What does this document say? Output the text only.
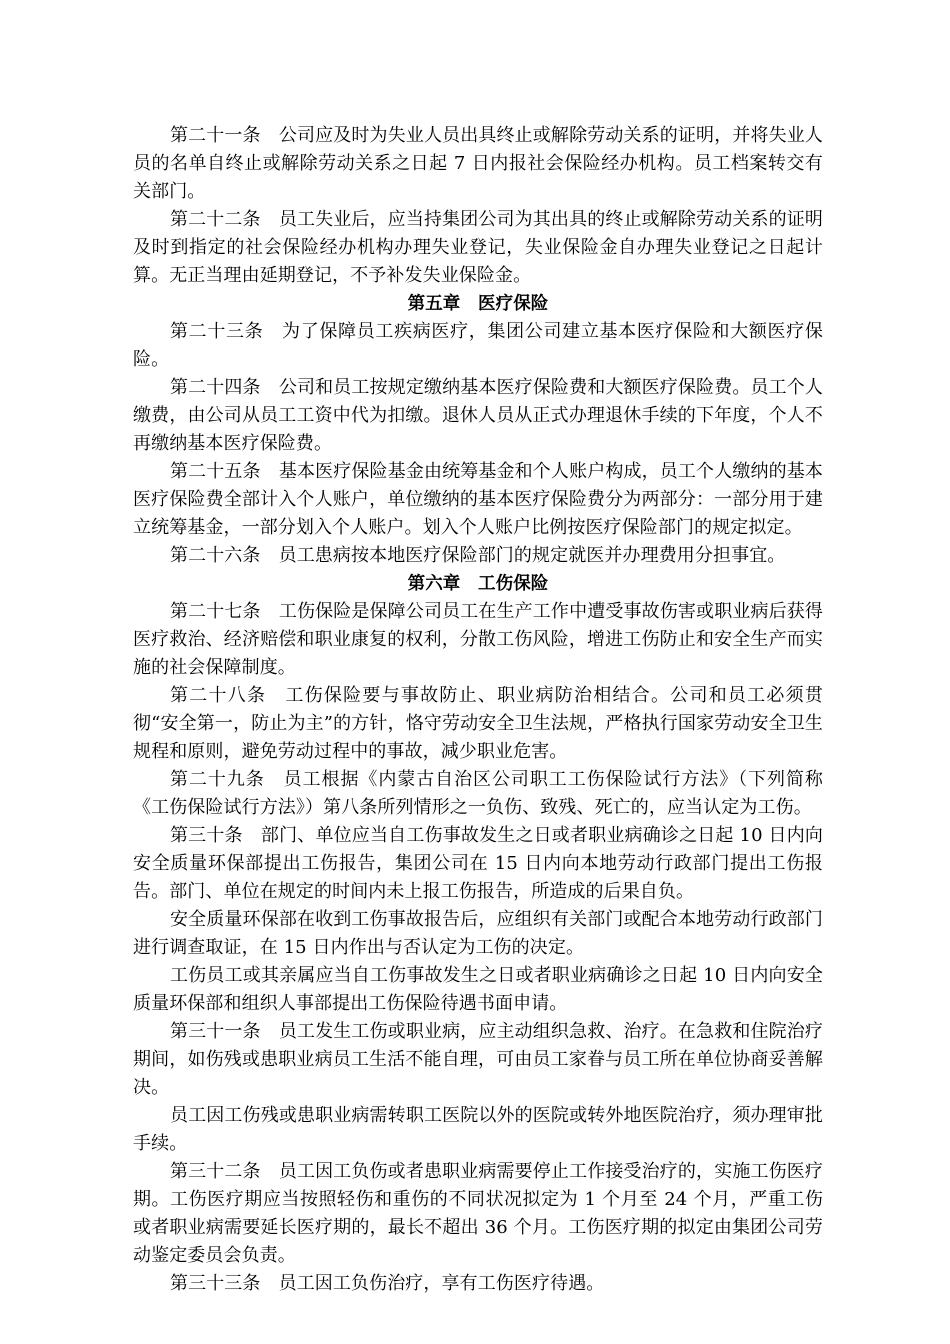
第二十一条　公司应及时为失业人员出具终止或解除劳动关系的证明，并将失业人员的名单自终止或解除劳动关系之日起 7 日内报社会保险经办机构。员工档案转交有关部门。

第二十二条　员工失业后，应当持集团公司为其出具的终止或解除劳动关系的证明及时到指定的社会保险经办机构办理失业登记，失业保险金自办理失业登记之日起计算。无正当理由延期登记，不予补发失业保险金。

第五章　医疗保险

第二十三条　为了保障员工疾病医疗，集团公司建立基本医疗保险和大额医疗保险。

第二十四条　公司和员工按规定缴纳基本医疗保险费和大额医疗保险费。员工个人缴费，由公司从员工工资中代为扣缴。退休人员从正式办理退休手续的下年度，个人不再缴纳基本医疗保险费。

第二十五条　基本医疗保险基金由统筹基金和个人账户构成，员工个人缴纳的基本医疗保险费全部计入个人账户，单位缴纳的基本医疗保险费分为两部分：一部分用于建立统筹基金，一部分划入个人账户。划入个人账户比例按医疗保险部门的规定拟定。

第二十六条　员工患病按本地医疗保险部门的规定就医并办理费用分担事宜。

第六章　工伤保险

第二十七条　工伤保险是保障公司员工在生产工作中遭受事故伤害或职业病后获得医疗救治、经济赔偿和职业康复的权利，分散工伤风险，增进工伤防止和安全生产而实施的社会保障制度。

第二十八条　工伤保险要与事故防止、职业病防治相结合。公司和员工必须贯彻“安全第一，防止为主”的方针，恪守劳动安全卫生法规，严格执行国家劳动安全卫生规程和原则，避免劳动过程中的事故，减少职业危害。

第二十九条　员工根据《内蒙古自治区公司职工工伤保险试行方法》（下列简称《工伤保险试行方法》）第八条所列情形之一负伤、致残、死亡的，应当认定为工伤。

第三十条　部门、单位应当自工伤事故发生之日或者职业病确诊之日起 10 日内向安全质量环保部提出工伤报告，集团公司在 15 日内向本地劳动行政部门提出工伤报告。部门、单位在规定的时间内未上报工伤报告，所造成的后果自负。

安全质量环保部在收到工伤事故报告后，应组织有关部门或配合本地劳动行政部门进行调查取证，在 15 日内作出与否认定为工伤的决定。

工伤员工或其亲属应当自工伤事故发生之日或者职业病确诊之日起 10 日内向安全质量环保部和组织人事部提出工伤保险待遇书面申请。

第三十一条　员工发生工伤或职业病，应主动组织急救、治疗。在急救和住院治疗期间，如伤残或患职业病员工生活不能自理，可由员工家眷与员工所在单位协商妥善解决。

员工因工伤残或患职业病需转职工医院以外的医院或转外地医院治疗，须办理审批手续。

第三十二条　员工因工负伤或者患职业病需要停止工作接受治疗的，实施工伤医疗期。工伤医疗期应当按照轻伤和重伤的不同状况拟定为 1 个月至 24 个月，严重工伤或者职业病需要延长医疗期的，最长不超出 36 个月。工伤医疗期的拟定由集团公司劳动鉴定委员会负责。

第三十三条　员工因工负伤治疗，享有工伤医疗待遇。
